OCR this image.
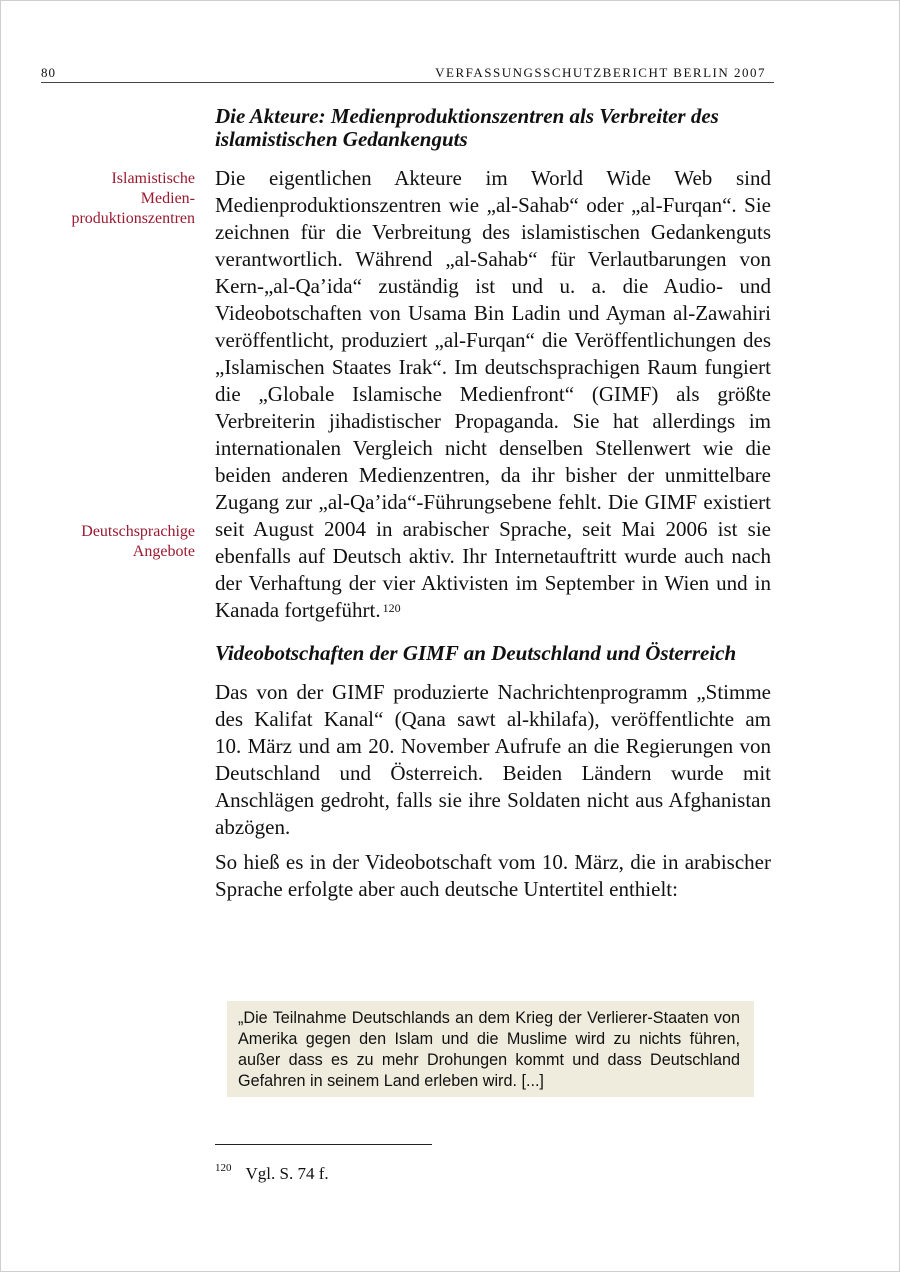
80	VERFASSUNGSSCHUTZBERICHT BERLIN 2007
Islamistische
Medien-
produktionszentren
Deutschsprachige
Angebote
Die Akteure: Medienproduktionszentren als Verbreiter des islamistischen Gedankenguts

Die eigentlichen Akteure im World Wide Web sind Medienproduktionszentren wie „al-Sahab“ oder „al-Furqan“. Sie zeichnen für die Verbreitung des islamistischen Gedankenguts verantwortlich. Während „al-Sahab“ für Verlautbarungen von Kern-„al-Qa’ida“ zuständig ist und u. a. die Audio- und Videobotschaften von Usama Bin Ladin und Ayman al-Zawahiri veröffentlicht, produziert „al-Furqan“ die Veröffentlichungen des „Islamischen Staates Irak“. Im deutschsprachigen Raum fungiert die „Globale Islamische Medienfront“ (GIMF) als größte Verbreiterin jihadistischer Propaganda. Sie hat allerdings im internationalen Vergleich nicht denselben Stellenwert wie die beiden anderen Medienzentren, da ihr bisher der unmittelbare Zugang zur „al-Qa’ida“-Führungsebene fehlt. Die GIMF existiert seit August 2004 in arabischer Sprache, seit Mai 2006 ist sie ebenfalls auf Deutsch aktiv. Ihr Internetauftritt wurde auch nach der Verhaftung der vier Aktivisten im September in Wien und in Kanada fortgeführt. $^{120}$

Videobotschaften der GIMF an Deutschland und Österreich

Das von der GIMF produzierte Nachrichtenprogramm „Stimme des Kalifat Kanal“ (Qana sawt al-khilafa), veröffentlichte am 10. März und am 20. November Aufrufe an die Regierungen von Deutschland und Österreich. Beiden Ländern wurde mit Anschlägen gedroht, falls sie ihre Soldaten nicht aus Afghanistan abzögen.

So hieß es in der Videobotschaft vom 10. März, die in arabischer Sprache erfolgte aber auch deutsche Untertitel enthielt:

„Die Teilnahme Deutschlands an dem Krieg der Verlierer-Staaten von Amerika gegen den Islam und die Muslime wird zu nichts führen, außer dass es zu mehr Drohungen kommt und dass Deutschland Gefahren in seinem Land erleben wird. [...]
$^{120}$ Vgl. S. 74 f.
